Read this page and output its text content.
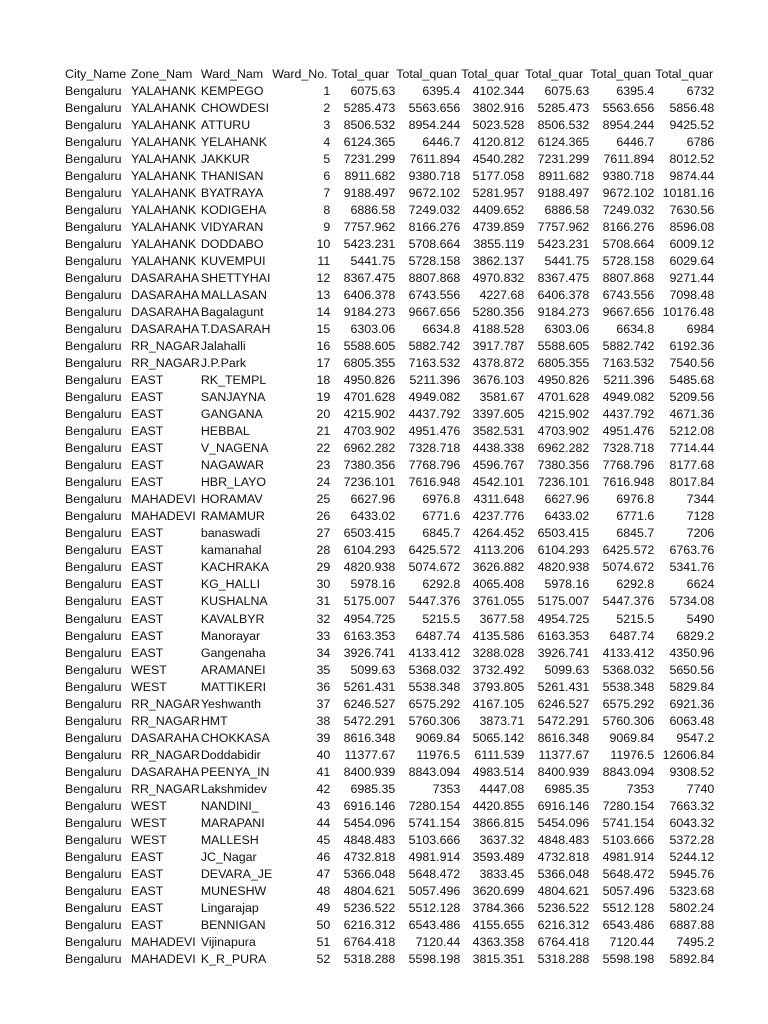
City_Name	Zone_Nam	Ward_Nam	Ward_No.	Total_quar	Total_quan	Total_quar	Total_quar	Total_quan	Total_quar
Bengaluru	YALAHANK	KEMPEGO	1	6075.63	6395.4	4102.344	6075.63	6395.4	6732
Bengaluru	YALAHANK	CHOWDESI	2	5285.473	5563.656	3802.916	5285.473	5563.656	5856.48
Bengaluru	YALAHANK	ATTURU	3	8506.532	8954.244	5023.528	8506.532	8954.244	9425.52
Bengaluru	YALAHANK	YELAHANK	4	6124.365	6446.7	4120.812	6124.365	6446.7	6786
Bengaluru	YALAHANK	JAKKUR	5	7231.299	7611.894	4540.282	7231.299	7611.894	8012.52
Bengaluru	YALAHANK	THANISAN	6	8911.682	9380.718	5177.058	8911.682	9380.718	9874.44
Bengaluru	YALAHANK	BYATRAYA	7	9188.497	9672.102	5281.957	9188.497	9672.102	10181.16
Bengaluru	YALAHANK	KODIGEHA	8	6886.58	7249.032	4409.652	6886.58	7249.032	7630.56
Bengaluru	YALAHANK	VIDYARAN	9	7757.962	8166.276	4739.859	7757.962	8166.276	8596.08
Bengaluru	YALAHANK	DODDABO	10	5423.231	5708.664	3855.119	5423.231	5708.664	6009.12
Bengaluru	YALAHANK	KUVEMPUI	11	5441.75	5728.158	3862.137	5441.75	5728.158	6029.64
Bengaluru	DASARAHA	SHETTYHAI	12	8367.475	8807.868	4970.832	8367.475	8807.868	9271.44
Bengaluru	DASARAHA	MALLASAN	13	6406.378	6743.556	4227.68	6406.378	6743.556	7098.48
Bengaluru	DASARAHA	Bagalagunt	14	9184.273	9667.656	5280.356	9184.273	9667.656	10176.48
Bengaluru	DASARAHA	T.DASARAH	15	6303.06	6634.8	4188.528	6303.06	6634.8	6984
Bengaluru	RR_NAGAR	Jalahalli	16	5588.605	5882.742	3917.787	5588.605	5882.742	6192.36
Bengaluru	RR_NAGAR	J.P.Park	17	6805.355	7163.532	4378.872	6805.355	7163.532	7540.56
Bengaluru	EAST	RK_TEMPL	18	4950.826	5211.396	3676.103	4950.826	5211.396	5485.68
Bengaluru	EAST	SANJAYNA	19	4701.628	4949.082	3581.67	4701.628	4949.082	5209.56
Bengaluru	EAST	GANGANA	20	4215.902	4437.792	3397.605	4215.902	4437.792	4671.36
Bengaluru	EAST	HEBBAL	21	4703.902	4951.476	3582.531	4703.902	4951.476	5212.08
Bengaluru	EAST	V_NAGENA	22	6962.282	7328.718	4438.338	6962.282	7328.718	7714.44
Bengaluru	EAST	NAGAWAR	23	7380.356	7768.796	4596.767	7380.356	7768.796	8177.68
Bengaluru	EAST	HBR_LAYO	24	7236.101	7616.948	4542.101	7236.101	7616.948	8017.84
Bengaluru	MAHADEVI	HORAMAV	25	6627.96	6976.8	4311.648	6627.96	6976.8	7344
Bengaluru	MAHADEVI	RAMAMUR	26	6433.02	6771.6	4237.776	6433.02	6771.6	7128
Bengaluru	EAST	banaswadi	27	6503.415	6845.7	4264.452	6503.415	6845.7	7206
Bengaluru	EAST	kamanahal	28	6104.293	6425.572	4113.206	6104.293	6425.572	6763.76
Bengaluru	EAST	KACHRAKA	29	4820.938	5074.672	3626.882	4820.938	5074.672	5341.76
Bengaluru	EAST	KG_HALLI	30	5978.16	6292.8	4065.408	5978.16	6292.8	6624
Bengaluru	EAST	KUSHALNA	31	5175.007	5447.376	3761.055	5175.007	5447.376	5734.08
Bengaluru	EAST	KAVALBYR	32	4954.725	5215.5	3677.58	4954.725	5215.5	5490
Bengaluru	EAST	Manorayar	33	6163.353	6487.74	4135.586	6163.353	6487.74	6829.2
Bengaluru	EAST	Gangenaha	34	3926.741	4133.412	3288.028	3926.741	4133.412	4350.96
Bengaluru	WEST	ARAMANEI	35	5099.63	5368.032	3732.492	5099.63	5368.032	5650.56
Bengaluru	WEST	MATTIKERI	36	5261.431	5538.348	3793.805	5261.431	5538.348	5829.84
Bengaluru	RR_NAGAR	Yeshwanth	37	6246.527	6575.292	4167.105	6246.527	6575.292	6921.36
Bengaluru	RR_NAGAR	HMT	38	5472.291	5760.306	3873.71	5472.291	5760.306	6063.48
Bengaluru	DASARAHA	CHOKKASA	39	8616.348	9069.84	5065.142	8616.348	9069.84	9547.2
Bengaluru	RR_NAGAR	Doddabidir	40	11377.67	11976.5	6111.539	11377.67	11976.5	12606.84
Bengaluru	DASARAHA	PEENYA_IN	41	8400.939	8843.094	4983.514	8400.939	8843.094	9308.52
Bengaluru	RR_NAGAR	Lakshmidev	42	6985.35	7353	4447.08	6985.35	7353	7740
Bengaluru	WEST	NANDINI_	43	6916.146	7280.154	4420.855	6916.146	7280.154	7663.32
Bengaluru	WEST	MARAPANI	44	5454.096	5741.154	3866.815	5454.096	5741.154	6043.32
Bengaluru	WEST	MALLESH	45	4848.483	5103.666	3637.32	4848.483	5103.666	5372.28
Bengaluru	EAST	JC_Nagar	46	4732.818	4981.914	3593.489	4732.818	4981.914	5244.12
Bengaluru	EAST	DEVARA_JE	47	5366.048	5648.472	3833.45	5366.048	5648.472	5945.76
Bengaluru	EAST	MUNESHW	48	4804.621	5057.496	3620.699	4804.621	5057.496	5323.68
Bengaluru	EAST	Lingarajap	49	5236.522	5512.128	3784.366	5236.522	5512.128	5802.24
Bengaluru	EAST	BENNIGAN	50	6216.312	6543.486	4155.655	6216.312	6543.486	6887.88
Bengaluru	MAHADEVI	Vijinapura	51	6764.418	7120.44	4363.358	6764.418	7120.44	7495.2
Bengaluru	MAHADEVI	K_R_PURA	52	5318.288	5598.198	3815.351	5318.288	5598.198	5892.84
